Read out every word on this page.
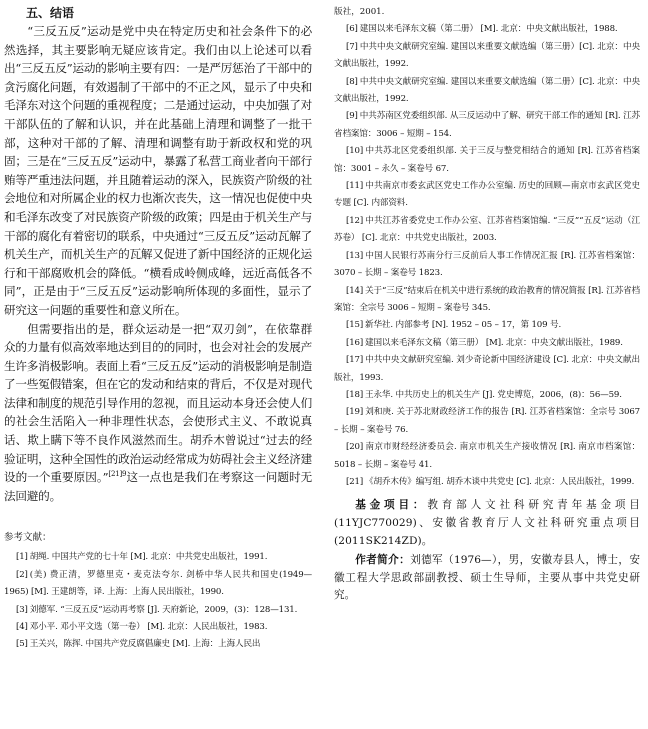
五、结语

“三反五反”运动是党中央在特定历史和社会条件下的必然选择，其主要影响无疑应该肯定。我们由以上论述可以看出“三反五反”运动的影响主要有四：一是严厉惩治了干部中的贪污腐化问题，有效遏制了干部中的不正之风，显示了中央和毛泽东对这个问题的重视程度；二是通过运动，中央加强了对干部队伍的了解和认识，并在此基础上清理和调整了一批干部，这种对干部的了解、清理和调整有助于新政权和党的巩固；三是在“三反五反”运动中，暴露了私营工商业者向干部行贿等严重违法问题，并且随着运动的深入，民族资产阶级的社会地位和对所属企业的权力也渐次丧失，这一情况也促使中央和毛泽东改变了对民族资产阶级的政策；四是由于机关生产与干部的腐化有着密切的联系，中央通过“三反五反”运动瓦解了机关生产，而机关生产的瓦解又促进了新中国经济的正规化运行和干部腐败机会的降低。“横看成岭侧成峰，远近高低各不同”，正是由于“三反五反”运动影响所体现的多面性，显示了研究这一问题的重要性和意义所在。

但需要指出的是，群众运动是一把“双刃剑”，在依靠群众的力量有似高效率地达到目的的同时，也会对社会的发展产生许多消极影响。表面上看“三反五反”运动的消极影响是制造了一些冤假错案，但在它的发动和结束的背后，不仅是对现代法律和制度的规范引导作用的忽视，而且运动本身还会使人们的社会生活陷入一种非理性状态，会使形式主义、不敢说真话、欺上瞒下等不良作风滋然而生。胡乔木曾说过“过去的经验证明，这种全国性的政治运动经常成为妨碍社会主义经济建设的一个重要原因。”$^{[21]9}$这一点也是我们在考察这一问题时无法回避的。

参考文献：
[1] 胡绳. 中国共产党的七十年 [M]. 北京：中共党史出版社，1991.
[2] (美) 费正清，罗德里克・麦克法夸尔. 剑桥中华人民共和国史(1949—1965) [M]. 王建朗等，译. 上海：上海人民出版社，1990.
[3] 刘德军. “三反五反”运动再考察 [J]. 天府新论，2009，(3)：128—131.
[4] 邓小平. 邓小平文选（第一卷） [M]. 北京：人民出版社，1983.
[5] 王关兴，陈挥. 中国共产党反腐倡廉史 [M]. 上海：上海人民出
版社，2001.
[6] 建国以来毛泽东文稿（第二册） [M]. 北京：中央文献出版社，1988.
[7] 中共中央文献研究室编. 建国以来重要文献选编（第三册）[C]. 北京：中央文献出版社，1992.
[8] 中共中央文献研究室编. 建国以来重要文献选编（第二册）[C]. 北京：中央文献出版社，1992.
[9] 中共苏南区党委组织部. 从三反运动中了解、研究干部工作的通知 [R]. 江苏省档案馆：3006 – 短期 – 154.
[10] 中共苏北区党委组织部. 关于三反与整党相结合的通知 [R]. 江苏省档案馆：3001 – 永久 – 案卷号 67.
[11] 中共南京市委玄武区党史工作办公室编. 历史的回顾—南京市玄武区党史专题 [C]. 内部资料.
[12] 中共江苏省委党史工作办公室、江苏省档案馆编. “三反”“五反”运动（江苏卷） [C]. 北京：中共党史出版社，2003.
[13] 中国人民银行苏南分行三反前后人事工作情况汇报 [R]. 江苏省档案馆：3070 – 长期 – 案卷号 1823.
[14] 关于“三反”结束后在机关中进行系统的政治教育的情况简报 [R]. 江苏省档案馆：全宗号 3006 – 短期 – 案卷号 345.
[15] 新华社. 内部参考 [N]. 1952 – 05 – 17，第 109 号.
[16] 建国以来毛泽东文稿（第三册） [M]. 北京：中央文献出版社，1989.
[17] 中共中央文献研究室编. 刘少奇论新中国经济建设 [C]. 北京：中央文献出版社，1993.
[18] 王永华. 中共历史上的机关生产 [J]. 党史博览，2006，(8)：56—59.
[19] 刘和庚. 关于苏北财政经济工作的报告 [R]. 江苏省档案馆：全宗号 3067 – 长期 – 案卷号 76.
[20] 南京市财经经济委员会. 南京市机关生产接收情况 [R]. 南京市档案馆：5018 – 长期 – 案卷号 41.
[21] 《胡乔木传》编写组. 胡乔木谈中共党史 [C]. 北京：人民出版社，1999.
基金项目：教育部人文社科研究青年基金项目(11YJC770029)、安徽省教育厅人文社科研究重点项目(2011SK214ZD)。
作者简介：刘德军（1976—），男，安徽寿县人，博士，安徽工程大学思政部副教授、硕士生导师，主要从事中共党史研究。
